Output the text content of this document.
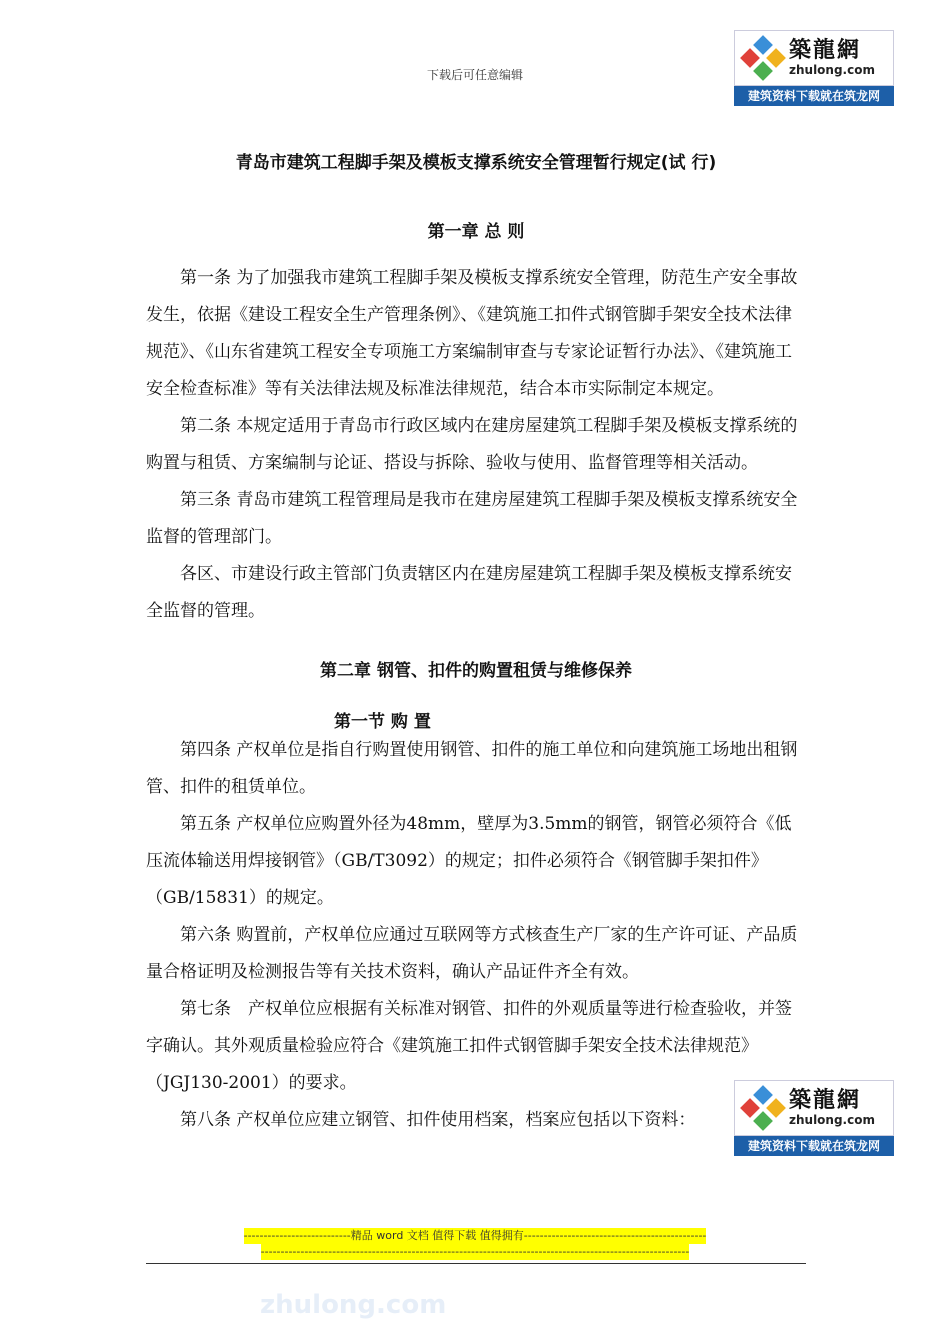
下载后可任意编辑
築龍網
zhulong.com
建筑资料下载就在筑龙网
青岛市建筑工程脚手架及模板支撑系统安全管理暂行规定(试 行)
第一章 总 则

第一条 为了加强我市建筑工程脚手架及模板支撑系统安全管理，防范生产安全事故发生，依据《建设工程安全生产管理条例》、《建筑施工扣件式钢管脚手架安全技术法律规范》、《山东省建筑工程安全专项施工方案编制审查与专家论证暂行办法》、《建筑施工安全检查标准》等有关法律法规及标准法律规范，结合本市实际制定本规定。

第二条 本规定适用于青岛市行政区域内在建房屋建筑工程脚手架及模板支撑系统的购置与租赁、方案编制与论证、搭设与拆除、验收与使用、监督管理等相关活动。

第三条 青岛市建筑工程管理局是我市在建房屋建筑工程脚手架及模板支撑系统安全监督的管理部门。

各区、市建设行政主管部门负责辖区内在建房屋建筑工程脚手架及模板支撑系统安全监督的管理。

第二章 钢管、扣件的购置租赁与维修保养
第一节 购 置

第四条 产权单位是指自行购置使用钢管、扣件的施工单位和向建筑施工场地出租钢管、扣件的租赁单位。

第五条 产权单位应购置外径为48mm，壁厚为3.5mm的钢管，钢管必须符合《低压流体输送用焊接钢管》（GB/T3092）的规定；扣件必须符合《钢管脚手架扣件》（GB/15831）的规定。

第六条 购置前，产权单位应通过互联网等方式核查生产厂家的生产许可证、产品质量合格证明及检测报告等有关技术资料，确认产品证件齐全有效。

第七条　产权单位应根据有关标准对钢管、扣件的外观质量等进行检查验收，并签字确认。其外观质量检验应符合《建筑施工扣件式钢管脚手架安全技术法律规范》（JGJ130-2001）的要求。

第八条 产权单位应建立钢管、扣件使用档案，档案应包括以下资料：

築龍網
zhulong.com
建筑资料下载就在筑龙网
---------------------------精品 word 文档 值得下载 值得拥有----------------------------------------------
------------------------------------------------------------------------------------------------------------
zhulong.com
